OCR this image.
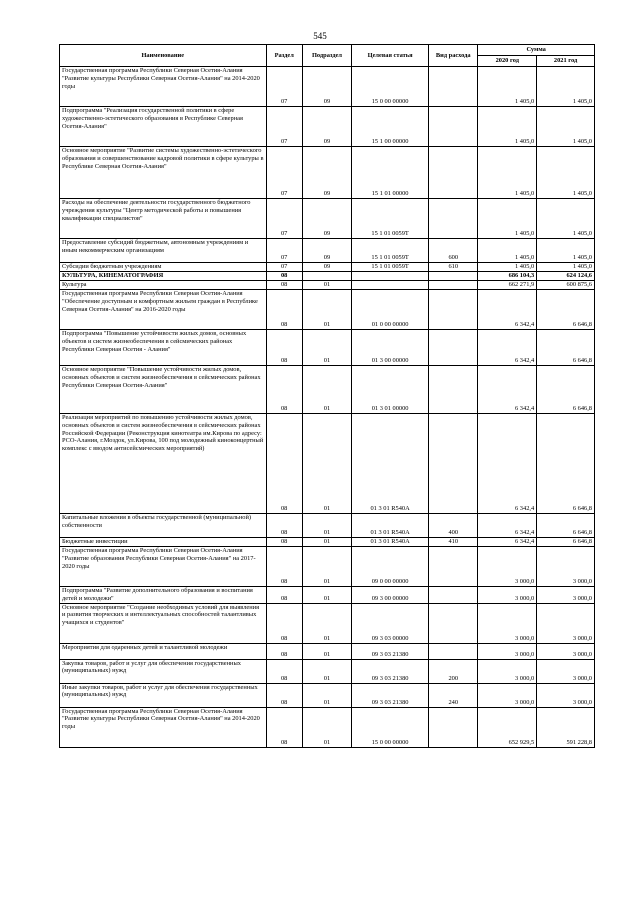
545
Наименование	Раздел	Подраздел	Целевая статья	Вид расхода	Сумма	
					2020 год	2021 год
Государственная программа Республики Северная Осетия-Алания "Развитие культуры Республики Северная Осетия-Алания" на 2014-2020 годы	07	09	15 0 00 00000		1 405,0	1 405,0
Подпрограмма "Реализация государственной политики в сфере художественно-эстетического образования в Республике Северная Осетия-Алания"	07	09	15 1 00 00000		1 405,0	1 405,0
Основное мероприятие "Развитие системы художественно-эстетического образования и совершенствование кадровой политики в сфере культуры в Республике Северная Осетия-Алания"	07	09	15 1 01 00000		1 405,0	1 405,0
Расходы на обеспечение деятельности государственного бюджетного учреждения культуры "Центр методической работы и повышения квалификации специалистов"	07	09	15 1 01 0059Т		1 405,0	1 405,0
Предоставление субсидий бюджетным, автономным учреждениям и иным некоммерческим организациям	07	09	15 1 01 0059Т	600	1 405,0	1 405,0
Субсидии бюджетным учреждениям	07	09	15 1 01 0059Т	610	1 405,0	1 405,0
КУЛЬТУРА, КИНЕМАТОГРАФИЯ	08				686 104,3	624 124,6
Культура	08	01			662 271,9	600 875,6
Государственная программа Республики Северная Осетия-Алания "Обеспечение доступным и комфортным жильем граждан в Республике Северная Осетия-Алания" на 2016-2020 годы	08	01	01 0 00 00000		6 342,4	6 646,8
Подпрограмма "Повышение устойчивости жилых домов, основных объектов и систем жизнеобеспечения в сейсмических районах Республики Северная Осетия - Алания"	08	01	01 3 00 00000		6 342,4	6 646,8
Основное мероприятие "Повышение устойчивости жилых домов, основных объектов и систем жизнеобеспечения в сейсмических районах Республики Северная Осетия-Алания"	08	01	01 3 01 00000		6 342,4	6 646,8
Реализация мероприятий по повышению устойчивости жилых домов, основных объектов и систем жизнеобеспечения в сейсмических районах Российской Федерации (Реконструкция кинотеатра им.Кирова по адресу: РСО-Алания, г.Моздок, ул.Кирова, 100 под молодежный киноконцертный комплекс с вводом антисейсмических мероприятий)	08	01	01 3 01 R540А		6 342,4	6 646,8
Капитальные вложения в объекты государственной (муниципальной) собственности	08	01	01 3 01 R540А	400	6 342,4	6 646,8
Бюджетные инвестиции	08	01	01 3 01 R540А	410	6 342,4	6 646,8
Государственная программа Республики Северная Осетия-Алания "Развитие образования Республики Северная Осетия-Алания" на 2017-2020 годы	08	01	09 0 00 00000		3 000,0	3 000,0
Подпрограмма "Развитие дополнительного образования и воспитания детей и молодежи"	08	01	09 3 00 00000		3 000,0	3 000,0
Основное мероприятие "Создание необходимых условий для выявления и развития творческих и интеллектуальных способностей талантливых учащихся и студентов"	08	01	09 3 03 00000		3 000,0	3 000,0
Мероприятия для одаренных детей и талантливой молодежи	08	01	09 3 03 21380		3 000,0	3 000,0
Закупка товаров, работ и услуг для обеспечения государственных (муниципальных) нужд	08	01	09 3 03 21380	200	3 000,0	3 000,0
Иные закупки товаров, работ и услуг для обеспечения государственных (муниципальных) нужд	08	01	09 3 03 21380	240	3 000,0	3 000,0
Государственная программа Республики Северная Осетия-Алания "Развитие культуры Республики Северная Осетия-Алания" на 2014-2020 годы	08	01	15 0 00 00000		652 929,5	591 228,8
